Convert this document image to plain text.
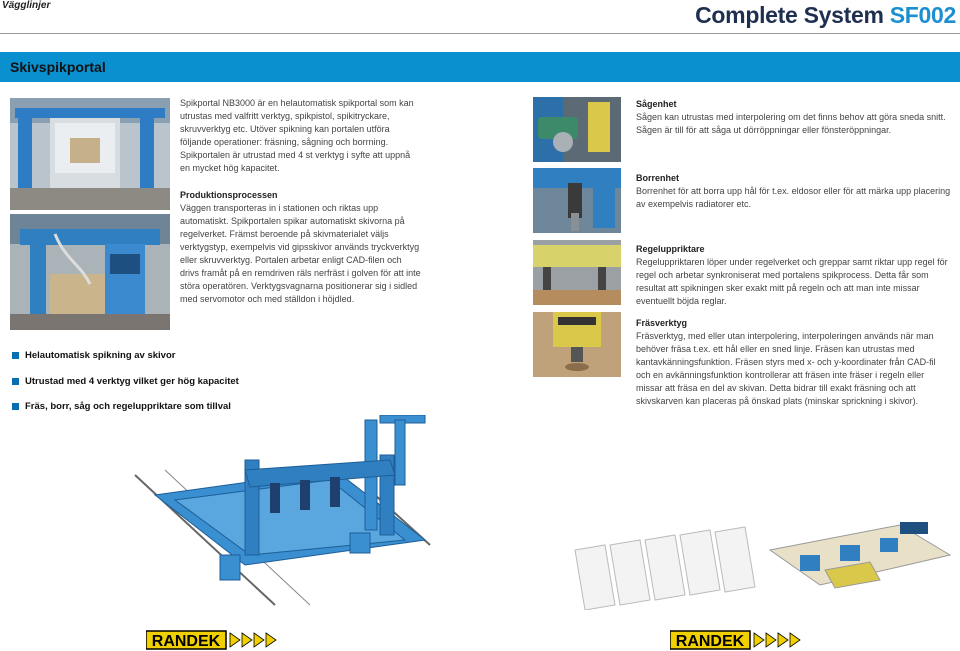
Vägglinjer	Complete System SF002
Skivspikportal

Spikportal NB3000 är en helautomatisk spikportal som kan utrustas med valfritt verktyg, spikpistol, spikitryckare, skruvverktyg etc. Utöver spikning kan portalen utföra följande operationer: fräsning, sågning och borrning. Spikportalen är utrustad med 4 st verktyg i syfte att uppnå en mycket hög kapacitet.

Produktionsprocessen

Väggen transporteras in i stationen och riktas upp automatiskt. Spikportalen spikar automatiskt skivorna på regelverket. Främst beroende på skivmaterialet väljs verktygstyp, exempelvis vid gipsskivor används tryckverktyg eller skruvverktyg. Portalen arbetar enligt CAD-filen och drivs framåt på en remdriven räls nerfräst i golven för att inte störa operatören. Verktygsvagnarna positionerar sig i sidled med servomotor och med ställdon i höjdled.

Helautomatisk spikning av skivor
Utrustad med 4 verktyg vilket ger hög kapacitet
Fräs, borr, såg och regeluppriktare som tillval
Sågenhet
Sågen kan utrustas med interpolering om det finns behov att göra sneda snitt. Sågen är till för att såga ut dörröppningar eller fönsteröppningar.
Borrenhet
Borrenhet för att borra upp hål för t.ex. eldosor eller för att märka upp placering av exempelvis radiatorer etc.
Regeluppriktare
Regeluppriktaren löper under regelverket och greppar samt riktar upp regel för regel och arbetar synkroniserat med portalens spikprocess. Detta får som resultat att spikningen sker exakt mitt på regeln och att man inte missar eventuellt böjda reglar.
Fräsverktyg
Fräsverktyg, med eller utan interpolering, interpoleringen används när man behöver fräsa t.ex. ett hål eller en sned linje. Fräsen kan utrustas med kantavkänningsfunktion. Fräsen styrs med x- och y-koordinater från CAD-fil och en avkänningsfunktion kontrollerar att fräsen inte fräser i regeln eller missar att fräsa en del av skivan. Detta bidrar till exakt fräsning och att skivskarven kan placeras på önskad plats (minskar sprickning i skivor).
RANDEK	RANDEK
